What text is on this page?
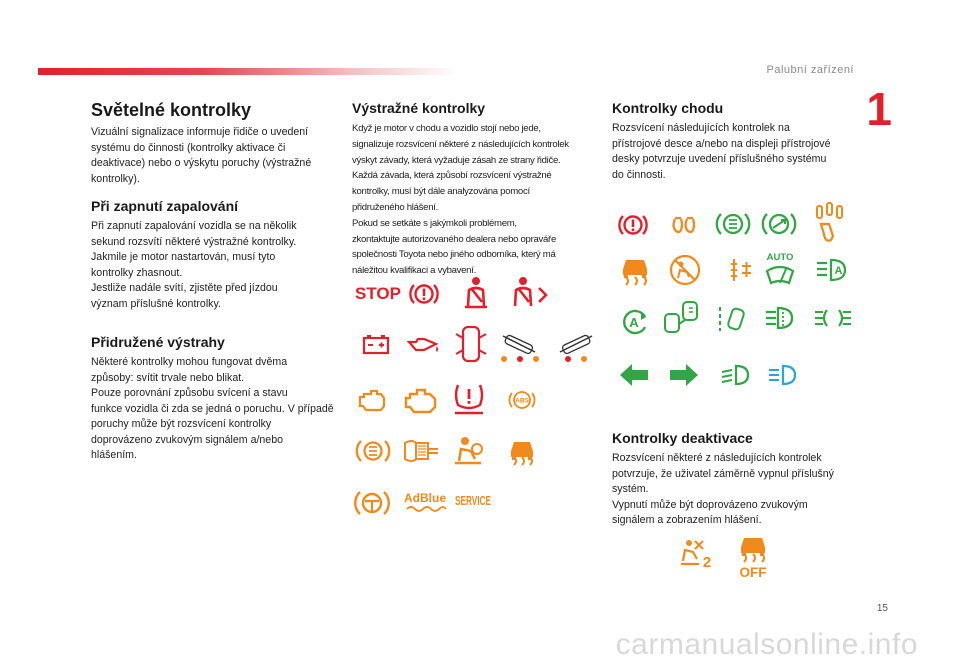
Palubní zařízení
1
Světelné kontrolky
Vizuální signalizace informuje řidiče o uvedení
systému do činnosti (kontrolky aktivace či
deaktivace) nebo o výskytu poruchy (výstražné
kontrolky).
Při zapnutí zapalování
Při zapnutí zapalování vozidla se na několik
sekund rozsvítí některé výstražné kontrolky.
Jakmile je motor nastartován, musí tyto
kontrolky zhasnout.
Jestliže nadále svítí, zjistěte před jízdou
význam příslušné kontrolky.
Přidružené výstrahy
Některé kontrolky mohou fungovat dvěma
způsoby: svítit trvale nebo blikat.
Pouze porovnání způsobu svícení a stavu
funkce vozidla či zda se jedná o poruchu. V případě
poruchy může být rozsvícení kontrolky
doprovázeno zvukovým signálem a/nebo
hlášením.
Výstražné kontrolky
Když je motor v chodu a vozidlo stojí nebo jede,
signalizuje rozsvícení některé z následujících kontrolek
výskyt závady, která vyžaduje zásah ze strany řidiče.
Každá závada, která způsobí rozsvícení výstražné
kontrolky, musí být dále analyzována pomocí
přidruženého hlášení.
Pokud se setkáte s jakýmkoli problémem,
zkontaktujte autorizovaného dealera nebo opravářе
společnosti Toyota nebo jiného odborníka, který má
náležitou kvalifikaci a vybavení.
STOP
ABS
AdBlue SERVICE
Kontrolky chodu
Rozsvícení následujících kontrolek na
přístrojové desce a/nebo na displeji přístrojové
desky potvrzuje uvedení příslušného systému
do činnosti.
AUTO
A
A
Kontrolky deaktivace
Rozsvícení některé z následujících kontrolek
potvrzuje, že uživatel záměrně vypnul příslušný
systém.
Vypnutí může být doprovázeno zvukovým
signálem a zobrazením hlášení.
2
OFF
15
carmanualsonline.info
